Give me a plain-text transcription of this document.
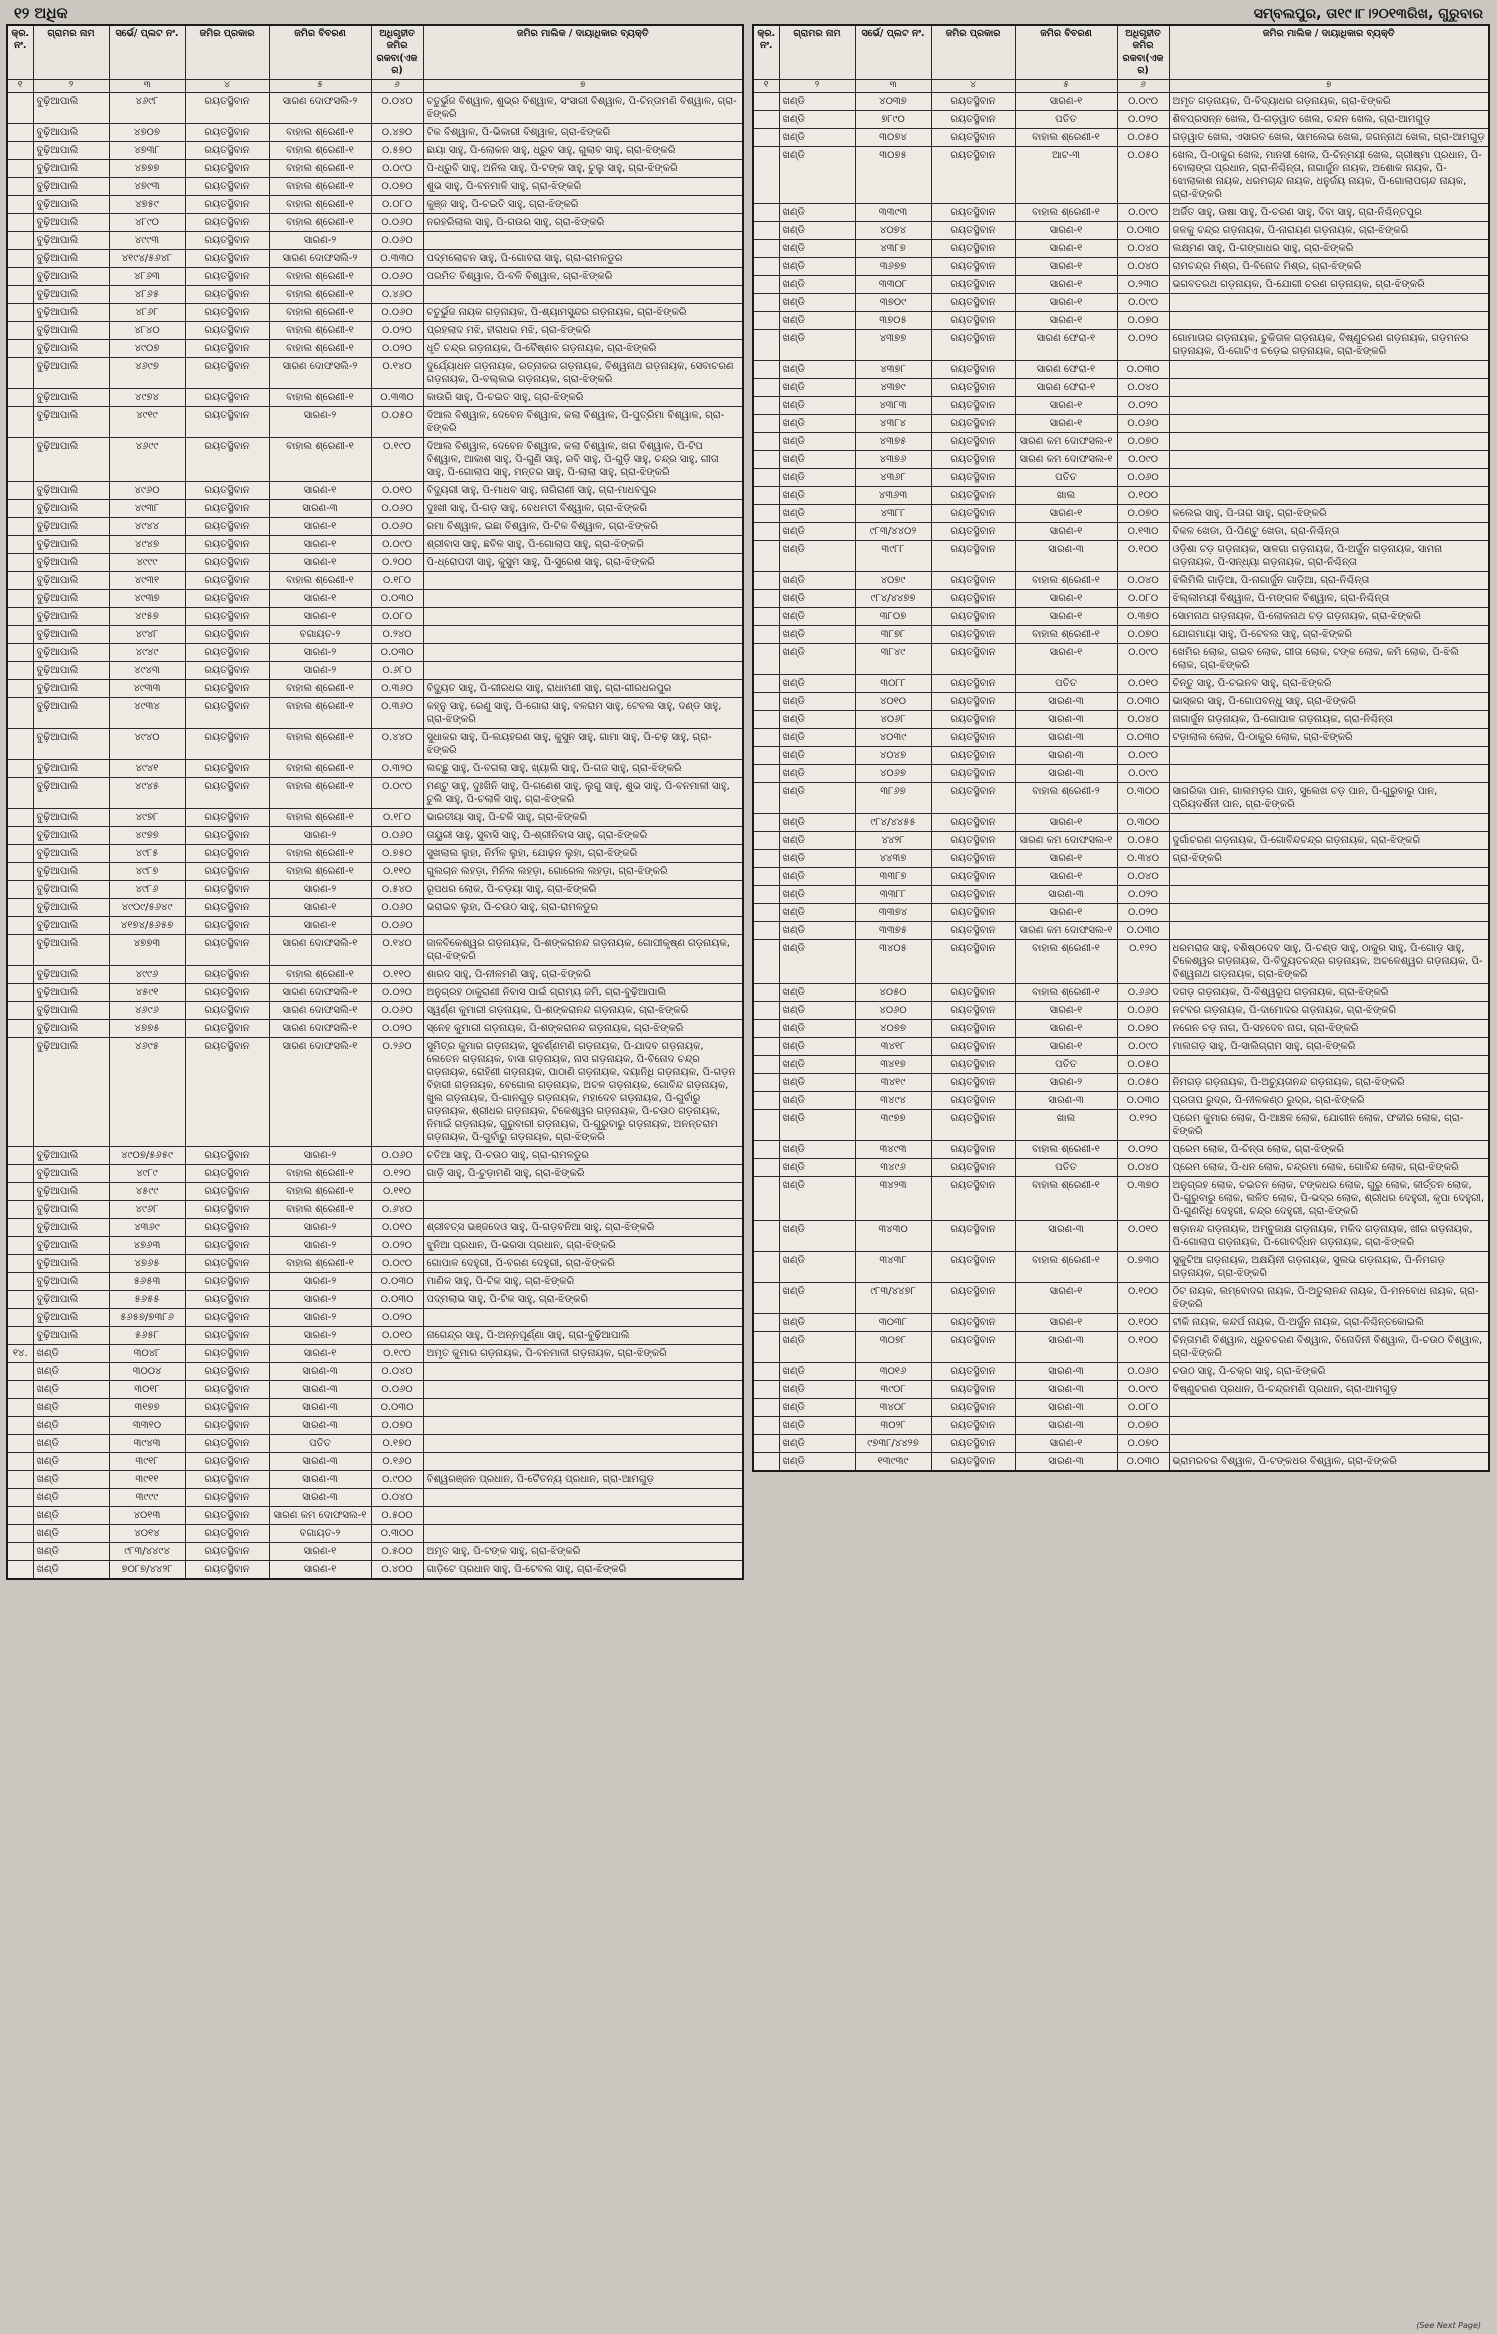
୧୨ ଅଧିକ	ସମ୍ବଲପୁର, ତା୧୯।୮।୨୦୧୩ରିଖ, ଗୁରୁବାର
କ୍ର. ନଂ.	ଗ୍ରାମର ନାମ	ସର୍ଭେ/ ପ୍ଲଟ ନଂ.	ଜମିର ପ୍ରକାର	ଜମିର ବିବରଣ	ଅଧିଗୃହୀତ ଜମିର ରକବା(ଏକର)	ଜମିର ମାଲିକ / ଦାୟାଧିକାର ବ୍ୟକ୍ତି
୧	୨	୩	୪	୫	୬	୭
	ବୁଢ଼ିଆପାଲି	୪୬୯୮	ରୟତସ୍ଥିବାନ	ସାରଣ ଦୋଫସଲି-୨	୦.୦୪୦	ଚତୁର୍ଭୁଜ ବିଶ୍ୱାଳ, ଶୁଭ୍ର ବିଶ୍ୱାଳ, ସଂସାରୀ ବିଶ୍ୱାଳ, ପି-ଚିନ୍ତାମଣି ବିଶ୍ୱାଳ, ଗ୍ରା-ଝିଙ୍କରି
	ବୁଢ଼ିଆପାଲି	୪୭୦୭	ରୟତସ୍ଥିବାନ	ବାହାଲ ଶ୍ରେଣୀ-୧	୦.୪୭୦	ଟିକ ବିଶ୍ୱାଳ, ପି-ଭିକାରୀ ବିଶ୍ୱାଳ, ଗ୍ରା-ଝିଙ୍କରି
	ବୁଢ଼ିଆପାଲି	୪୭୩୮	ରୟତସ୍ଥିବାନ	ବାହାଲ ଶ୍ରେଣୀ-୧	୦.୫୭୦	ଛାୟା ସାହୁ, ପି-ଲୋକନ ସାହୁ, ଧ୍ରୁବ ସାହୁ, ଗୁଲାବ ସାହୁ, ଗ୍ରା-ଝିଙ୍କରି
	ବୁଢ଼ିଆପାଲି	୪୭୭୭	ରୟତସ୍ଥିବାନ	ବାହାଲ ଶ୍ରେଣୀ-୧	୦.୦୯୦	ପି-ଧ୍ରୁବି ସାହୁ, ଅନିଲ ସାହୁ, ପି-ଟଙ୍କ ସାହୁ, ଚୁଲୁ ସାହୁ, ଗ୍ରା-ଝିଙ୍କରି
	ବୁଢ଼ିଆପାଲି	୪୭୯୩	ରୟତସ୍ଥିବାନ	ବାହାଲ ଶ୍ରେଣୀ-୧	୦.୦୭୦	ଶୁଭ ସାହୁ, ପି-ବନମାଳି ସାହୁ, ଗ୍ରା-ଝିଙ୍କରି
	ବୁଢ଼ିଆପାଲି	୪୭୫୯	ରୟତସ୍ଥିବାନ	ବାହାଲ ଶ୍ରେଣୀ-୧	୦.୦୮୦	କୁଞ୍ଜ ସାହୁ, ପି-ଚଇତି ସାହୁ, ଗ୍ରା-ଝିଙ୍କରି
	ବୁଢ଼ିଆପାଲି	୪୮୯୦	ରୟତସ୍ଥିବାନ	ବାହାଲ ଶ୍ରେଣୀ-୧	୦.୦୬୦	ନରହରିଲାଲ ସାହୁ, ପି-ଗଉର ସାହୁ, ଗ୍ରା-ଝିଙ୍କରି
	ବୁଢ଼ିଆପାଲି	୪୯୯୩	ରୟତସ୍ଥିବାନ	ସାରଣ-୨	୦.୦୬୦	
	ବୁଢ଼ିଆପାଲି	୪୧୯୪/୫୬୪୮	ରୟତସ୍ଥିବାନ	ସାରଣ ଦୋଫସଲି-୨	୦.୩୩୦	ପଦ୍ମଲୋଚନ ସାହୁ, ପି-ଗୋବରା ସାହୁ, ଗ୍ରା-ରାମଳଡୁର
	ବୁଢ଼ିଆପାଲି	୪୮୬୩	ରୟତସ୍ଥିବାନ	ବାହାଲ ଶ୍ରେଣୀ-୧	୦.୦୬୦	ପରମିତ ବିଶ୍ୱାଳ, ପି-ବଳି ବିଶ୍ୱାଳ, ଗ୍ରା-ଝିଙ୍କରି
	ବୁଢ଼ିଆପାଲି	୪୮୬୫	ରୟତସ୍ଥିବାନ	ବାହାଲ ଶ୍ରେଣୀ-୧	୦.୪୬୦	
	ବୁଢ଼ିଆପାଲି	୪୮୬୮	ରୟତସ୍ଥିବାନ	ବାହାଲ ଶ୍ରେଣୀ-୧	୦.୦୬୦	ଚତୁର୍ଭୁଜ ନାୟକ ଗଡ଼ନାୟକ, ପି-ଶ୍ୟାମସୁନ୍ଦର ଗଡ଼ନାୟକ, ଗ୍ରା-ଝିଙ୍କରି
	ବୁଢ଼ିଆପାଲି	୪୮୪୦	ରୟତସ୍ଥିବାନ	ବାହାଲ ଶ୍ରେଣୀ-୧	୦.୦୨୦	ପ୍ରହଲାଦ ମଝି, ହୀରାଧର ମଝି, ଗ୍ରା-ଝିଙ୍କରି
	ବୁଢ଼ିଆପାଲି	୪୯୦୭	ରୟତସ୍ଥିବାନ	ବାହାଲ ଶ୍ରେଣୀ-୧	୦.୦୨୦	ଧୃତି ଚନ୍ଦ୍ର ଗଡ଼ନାୟକ, ପି-ବୈଷ୍ଣବ ଗଡ଼ନାୟକ, ଗ୍ରା-ଝିଙ୍କରି
	ବୁଢ଼ିଆପାଲି	୪୬୯୭	ରୟତସ୍ଥିବାନ	ସାରଣ ଦୋଫସଲି-୨	୦.୧୪୦	ଦୁର୍ଯ୍ୟୋଧନ ଗଡ଼ନାୟକ, ରତ୍ନାକର ଗଡ଼ନାୟକ, ବିଶ୍ୱନାଥ ଗଡ଼ନାୟକ, ସେବାଚରଣ ଗଡ଼ନାୟକ, ପି-ବଲ୍ଲଭ ଗଡ଼ନାୟକ, ଗ୍ରା-ଝିଙ୍କରି
	ବୁଢ଼ିଆପାଲି	୪୯୭୪	ରୟତସ୍ଥିବାନ	ବାହାଲ ଶ୍ରେଣୀ-୧	୦.୩୩୦	କାଉରି ସାହୁ, ପି-ଚଇତ ସାହୁ, ଗ୍ରା-ଝିଙ୍କରି
	ବୁଢ଼ିଆପାଲି	୪୯୧୯	ରୟତସ୍ଥିବାନ	ସାରଣ-୨	୦.୦୫୦	ଦିଆଲ ବିଶ୍ୱାଳ, ଦେବେନ ବିଶ୍ୱାଳ, କଲା ବିଶ୍ୱାଳ, ପି-ପୁତ୍ରିମା ବିଶ୍ୱାଳ, ଗ୍ରା-ଝିଙ୍କରି
	ବୁଢ଼ିଆପାଲି	୪୬୯୯	ରୟତସ୍ଥିବାନ	ବାହାଲ ଶ୍ରେଣୀ-୧	୦.୧୯୦	ଦିଆଲ ବିଶ୍ୱାଳ, ଦେବେନ ବିଶ୍ୱାଳ, କଲା ବିଶ୍ୱାଳ, ଖଗ ବିଶ୍ୱାଳ, ପି-ଟିପ ବିଶ୍ୱାଳ, ଆକାଶ ସାହୁ, ପି-ଗୁଣି ସାହୁ, ରବି ସାହୁ, ପି-ଗୁଡ଼ି ସାହୁ, ଚନ୍ଦ୍ର ସାହୁ, ଗୀତା ସାହୁ, ପି-ଗୋଲାପ ସାହୁ, ମନ୍ତର ସାହୁ, ପି-ଲାଲା ସାହୁ, ଗ୍ରା-ଝିଙ୍କରି
	ବୁଢ଼ିଆପାଲି	୪୯୬୦	ରୟତସ୍ଥିବାନ	ସାରଣ-୧	୦.୦୧୦	ବିଦ୍ୟୁରୀ ସାହୁ, ପି-ମାଧବ ସାହୁ, ନାଗିରାଣୀ ସାହୁ, ଗ୍ରା-ମାଧବପୁର
	ବୁଢ଼ିଆପାଲି	୪୯୩୮	ରୟତସ୍ଥିବାନ	ସାରଣ-୩	୦.୦୬୦	ଦୁଃଖୀ ସାହୁ, ପି-ଗଡ଼ ସାହୁ, ବେଧମତୀ ବିଶ୍ୱାଳ, ଗ୍ରା-ଝିଙ୍କରି
	ବୁଢ଼ିଆପାଲି	୪୯୪୪	ରୟତସ୍ଥିବାନ	ସାରଣ-୧	୦.୦୬୦	ରମା ବିଶ୍ୱାଳ, ଇଛା ବିଶ୍ୱାଳ, ପି-ଟିକ ବିଶ୍ୱାଳ, ଗ୍ରା-ଝିଙ୍କରି
	ବୁଢ଼ିଆପାଲି	୪୯୪୭	ରୟତସ୍ଥିବାନ	ସାରଣ-୧	୦.୦୯୦	ଶ୍ରୀବାସ ସାହୁ, ଛବିଳ ସାହୁ, ପି-ଗୋଲାପ ସାହୁ, ଗ୍ରା-ଝିଙ୍କରି
	ବୁଢ଼ିଆପାଲି	୪୯୯୯	ରୟତସ୍ଥିବାନ	ସାରଣ-୧	୦.୨୦୦	ପି-ଧ୍ରୋପଦୀ ସାହୁ, କୁସୁମ ସାହୁ, ପି-ସୁରେଶ ସାହୁ, ଗ୍ରା-ଝିଙ୍କରି
	ବୁଢ଼ିଆପାଲି	୪୯୩୧	ରୟତସ୍ଥିବାନ	ବାହାଲ ଶ୍ରେଣୀ-୧	୦.୧୮୦	
	ବୁଢ଼ିଆପାଲି	୪୯୩୭	ରୟତସ୍ଥିବାନ	ସାରଣ-୧	୦.୦୩୦	
	ବୁଢ଼ିଆପାଲି	୪୯୫୭	ରୟତସ୍ଥିବାନ	ସାରଣ-୧	୦.୦୮୦	
	ବୁଢ଼ିଆପାଲି	୪୯୪୮	ରୟତସ୍ଥିବାନ	ବଗାୟତ-୨	୦.୨୪୦	
	ବୁଢ଼ିଆପାଲି	୪୯୪୯	ରୟତସ୍ଥିବାନ	ସାରଣ-୨	୦.୦୩୦	
	ବୁଢ଼ିଆପାଲି	୪୯୪୩	ରୟତସ୍ଥିବାନ	ସାରଣ-୨	୦.୬୮୦	
	ବୁଢ଼ିଆପାଲି	୪୯୩୩	ରୟତସ୍ଥିବାନ	ବାହାଲ ଶ୍ରେଣୀ-୧	୦.୩୬୦	ବିଦ୍ୟୁତ ସାହୁ, ପି-ଗୀରଧର ସାହୁ, ରାଧାମଣୀ ସାହୁ, ଗ୍ରା-ଗୀରଧରପୁର
	ବୁଢ଼ିଆପାଲି	୪୯୩୪	ରୟତସ୍ଥିବାନ	ବାହାଲ ଶ୍ରେଣୀ-୧	୦.୩୬୦	କହ୍ନୁ ସାହୁ, ରେଣୁ ସାହୁ, ପି-ଗୋରା ସାହୁ, ବଳରାମ ସାହୁ, ଟେବଲ ସାହୁ, ଦଣ୍ଡ ସାହୁ, ଗ୍ରା-ଝିଙ୍କରି
	ବୁଢ଼ିଆପାଲି	୪୯୪୦	ରୟତସ୍ଥିବାନ	ବାହାଲ ଶ୍ରେଣୀ-୧	୦.୪୪୦	ସୁଧାକର ସାହୁ, ପି-ଲୟହରଣ ସାହୁ, କୁସୁନ ସାହୁ, ଗାମା ସାହୁ, ପି-ଚଢ଼ ସାହୁ, ଗ୍ରା-ଝିଙ୍କରି
	ବୁଢ଼ିଆପାଲି	୪୯୪୧	ରୟତସ୍ଥିବାନ	ବାହାଲ ଶ୍ରେଣୀ-୧	୦.୩୨୦	ଲଚ୍ଛୁ ସାହୁ, ପି-ବଗଲା ସାହୁ, ଖ୍ୟାଲି ସାହୁ, ପି-ଗଜ ସାହୁ, ଗ୍ରା-ଝିଙ୍କରି
	ବୁଢ଼ିଆପାଲି	୪୯୪୫	ରୟତସ୍ଥିବାନ	ବାହାଲ ଶ୍ରେଣୀ-୧	୦.୦୯୦	ମଣ୍ଟୁ ସାହୁ, ଦୁଃଖିନି ସାହୁ, ପି-ଗଣେଶ ସାହୁ, ଲୁଗୁ ସାହୁ, ଶୁଭ ସାହୁ, ପି-ବନମାଳୀ ସାହୁ, ଚୁଲି ସାହୁ, ପି-ଚଲାଳି ସାହୁ, ଗ୍ରା-ଝିଙ୍କରି
	ବୁଢ଼ିଆପାଲି	୪୯୭୮	ରୟତସ୍ଥିବାନ	ବାହାଲ ଶ୍ରେଣୀ-୧	୦.୧୮୦	ଭାରତୀୟା ସାହୁ, ପି-ଚଳି ସାହୁ, ଗ୍ରା-ଝିଙ୍କରି
	ବୁଢ଼ିଆପାଲି	୪୯୭୭	ରୟତସ୍ଥିବାନ	ସାରଣ-୨	୦.୦୬୦	ତାୟୁରୀ ସାହୁ, ସୁବାସି ସାହୁ, ପି-ଶ୍ରୀନିବାସ ସାହୁ, ଗ୍ରା-ଝିଙ୍କରି
	ବୁଢ଼ିଆପାଲି	୪୯୮୫	ରୟତସ୍ଥିବାନ	ବାହାଲ ଶ୍ରେଣୀ-୧	୦.୭୫୦	ସୁଖଲାଲ ଲୁହା, ନିର୍ମଳ ଲୁହା, ଯୋଢ଼ନ ଲୁହା, ଗ୍ରା-ଝିଙ୍କରି
	ବୁଢ଼ିଆପାଲି	୪୯୮୭	ରୟତସ୍ଥିବାନ	ବାହାଲ ଶ୍ରେଣୀ-୧	୦.୧୧୦	ଗୁଲଚାନ ଲହଡ଼ା, ମିନିଲ ଲହଡ଼ା, ଗୋରେଲ ଲହଡ଼ା, ଗ୍ରା-ଝିଙ୍କରି
	ବୁଢ଼ିଆପାଲି	୪୯୮୬	ରୟତସ୍ଥିବାନ	ସାରଣ-୨	୦.୫୪୦	ରୂପଧର ଲୋକ, ପି-ଚଡ଼ୟା ସାହୁ, ଗ୍ରା-ଝିଙ୍କରି
	ବୁଢ଼ିଆପାଲି	୪୯୦୯/୫୬୪୯	ରୟତସ୍ଥିବାନ	ସାରଣ-୧	୦.୦୬୦	ଭରାଇବ ଲୁହା, ପି-ଚଉଠ ସାହୁ, ଗ୍ରା-ରାମଳଡୁର
	ବୁଢ଼ିଆପାଲି	୪୧୭୪/୫୬୫୭	ରୟତସ୍ଥିବାନ	ସାରଣ-୧	୦.୦୬୦	
	ବୁଢ଼ିଆପାଲି	୪୭୭୩	ରୟତସ୍ଥିବାନ	ସାରଣ ଦୋଫସଲି-୧	୦.୧୪୦	ଜାଳବିକେଶ୍ୱର ଗଡ଼ନାୟକ, ପି-ଶଙ୍କରାନନ୍ଦ ଗଡ଼ନାୟକ, ଗୋପୀକୃଷ୍ଣ ଗଡ଼ନାୟକ, ଗ୍ରା-ଝିଙ୍କରି
	ବୁଢ଼ିଆପାଲି	୪୯୯୬	ରୟତସ୍ଥିବାନ	ବାହାଲ ଶ୍ରେଣୀ-୧	୦.୧୧୦	ଶାରଦ ସାହୁ, ପି-ନୀଳମଣି ସାହୁ, ଗ୍ରା-ଝିଙ୍କରି
	ବୁଢ଼ିଆପାଲି	୪୫୯୧	ରୟତସ୍ଥିବାନ	ସାରଣ ଦୋଫସଲି-୧	୦.୦୨୦	ଅନୁଗ୍ରହ ଠାକୁରାଣୀ ନିବାସ ପାଇଁ ଗ୍ରାମ୍ୟ ଜମି, ଗ୍ରା-ବୁଢ଼ିଆପାଲି
	ବୁଢ଼ିଆପାଲି	୪୬୯୬	ରୟତସ୍ଥିବାନ	ସାରଣ ଦୋଫସଲି-୧	୦.୦୬୦	ସ୍ୱର୍ଣ୍ଣ କୁମାରୀ ଗଡ଼ନାୟକ, ପି-ଶଙ୍କରାନନ୍ଦ ଗଡ଼ନାୟକ, ଗ୍ରା-ଝିଙ୍କରି
	ବୁଢ଼ିଆପାଲି	୪୭୭୫	ରୟତସ୍ଥିବାନ	ସାରଣ ଦୋଫସଲି-୧	୦.୦୨୦	ସ୍ନେହ କୁମାରୀ ଗଡ଼ନାୟକ, ପି-ଶଙ୍କରାନନ୍ଦ ଗଡ଼ନାୟକ, ଗ୍ରା-ଝିଙ୍କରି
	ବୁଢ଼ିଆପାଲି	୪୬୯୫	ରୟତସ୍ଥିବାନ	ସାରଣ ଦୋଫସଲି-୧	୦.୨୬୦	ସୁମିତ୍ର କୁମାର ଗଡ଼ନାୟକ, ସୁବର୍ଣ୍ଣମଣି ଗଡ଼ନାୟକ, ପି-ଯାଦବ ଗଡ଼ନାୟକ, ଲେତେନ ଗଡ଼ନାୟକ, ବାସା ଗଡ଼ନାୟକ, ନାସ ଗଡ଼ନାୟକ, ପି-ବିନୋଦ ଚନ୍ଦ୍ର ଗଡ଼ନାୟକ, ରୋହିଣୀ ଗଡ଼ନାୟକ, ପାଠାଣି ଗଡ଼ନାୟକ, ଦୟାନିଧି ଗଡ଼ନାୟକ, ପି-ଗଡ଼ନ ବିହାରୀ ଗଡ଼ନାୟକ, ବେଗୋଲ ଗଡ଼ନାୟକ, ଅଚଳ ଗଡ଼ନାୟକ, ଗୋବିନ୍ଦ ଗଡ଼ନାୟକ, ଖୁଲ ଗଡ଼ନାୟକ, ପି-ଗାନଗୁଡ଼ ଗଡ଼ନାୟକ, ମହାଦେବ ଗଡ଼ନାୟକ, ପି-ଗୁର୍ବାରୁ ଗଡ଼ନାୟକ, ଶ୍ରୀଧର ଗଡ଼ନାୟକ, ଟିକେଶ୍ୱର ଗଡ଼ନାୟକ, ପି-ଚଉଠ ଗଡ଼ନାୟକ, ନିମାଇଁ ଗଡ଼ନାୟକ, ଗୁରୁବାରୀ ଗଡ଼ନାୟକ, ପି-ଗୁରୁବାରୁ ଗଡ଼ନାୟକ, ଅନନ୍ତରାମ ଗଡ଼ନାୟକ, ପି-ଗୁର୍ବାରୁ ଗଡ଼ନାୟକ, ଗ୍ରା-ଝିଙ୍କରି
	ବୁଢ଼ିଆପାଲି	୪୯୦୭/୫୬୫୯	ରୟତସ୍ଥିବାନ	ସାରଣ-୨	୦.୦୬୦	ଚତିଆ ସାହୁ, ପି-ଚଉଠ ସାହୁ, ଗ୍ରା-ରାମଳଡୁର
	ବୁଢ଼ିଆପାଲି	୪୯୮୯	ରୟତସ୍ଥିବାନ	ବାହାଲ ଶ୍ରେଣୀ-୧	୦.୧୨୦	ଗାଡ଼ି ସାହୁ, ପି-ଚୁଡ଼ାମଣି ସାହୁ, ଗ୍ରା-ଝିଙ୍କରି
	ବୁଢ଼ିଆପାଲି	୪୫୯୯	ରୟତସ୍ଥିବାନ	ବାହାଲ ଶ୍ରେଣୀ-୧	୦.୧୧୦	
	ବୁଢ଼ିଆପାଲି	୪୯୬୮	ରୟତସ୍ଥିବାନ	ବାହାଲ ଶ୍ରେଣୀ-୧	୦.୬୪୦	
	ବୁଢ଼ିଆପାଲି	୪୩୬୯	ରୟତସ୍ଥିବାନ	ସାରଣ-୨	୦.୦୧୦	ଶ୍ରୀବତ୍ସ ଭଞ୍ଜଦେଓ ସାହୁ, ପି-ଗଡ଼ବନିଆ ସାହୁ, ଗ୍ରା-ଝିଙ୍କରି
	ବୁଢ଼ିଆପାଲି	୪୭୬୩	ରୟତସ୍ଥିବାନ	ସାରଣ-୨	୦.୦୨୦	ଝୁନିଆ ପ୍ରଧାନ, ପି-ଭରସା ପ୍ରଧାନ, ଗ୍ରା-ଝିଙ୍କରି
	ବୁଢ଼ିଆପାଲି	୪୭୬୫	ରୟତସ୍ଥିବାନ	ବାହାଲ ଶ୍ରେଣୀ-୧	୦.୦୯୦	ଗୋପାଳ ଦେହୁରୀ, ପି-ବରଣ ଦେହୁରୀ, ଗ୍ରା-ଝିଙ୍କରି
	ବୁଢ଼ିଆପାଲି	୫୬୫୩	ରୟତସ୍ଥିବାନ	ସାରଣ-୨	୦.୦୩୦	ମାଣିକ ସାହୁ, ପି-ଟିକ ସାହୁ, ଗ୍ରା-ଝିଙ୍କରି
	ବୁଢ଼ିଆପାଲି	୫୬୫୫	ରୟତସ୍ଥିବାନ	ସାରଣ-୨	୦.୦୩୦	ପଦ୍ମଲାଭ ସାହୁ, ପି-ଟିକ ସାହୁ, ଗ୍ରା-ଝିଙ୍କରି
	ବୁଢ଼ିଆପାଲି	୫୬୫୭/୭୩୮୬	ରୟତସ୍ଥିବାନ	ସାରଣ-୨	୦.୦୨୦	
	ବୁଢ଼ିଆପାଲି	୫୬୫୮	ରୟତସ୍ଥିବାନ	ସାରଣ-୨	୦.୦୧୦	ନାଗେନ୍ଦ୍ର ସାହୁ, ପି-ଅନ୍ନପୂର୍ଣ୍ଣା ସାହୁ, ଗ୍ରା-ବୁଢ଼ିଆପାଲି
୧୪.	ଖଣ୍ଡି	୩୦୪୮	ରୟତସ୍ଥିବାନ	ସାରଣ-୧	୦.୧୯୦	ଅମୃତ କୁମାର ଗଡ଼ନାୟକ, ପି-ବନମାଳୀ ଗଡ଼ନାୟକ, ଗ୍ରା-ଝିଙ୍କରି
	ଖଣ୍ଡି	୩୦୦୪	ରୟତସ୍ଥିବାନ	ସାରଣ-୩	୦.୦୪୦	
	ଖଣ୍ଡି	୩୦୧୮	ରୟତସ୍ଥିବାନ	ସାରଣ-୩	୦.୦୬୦	
	ଖଣ୍ଡି	୩୧୭୭	ରୟତସ୍ଥିବାନ	ସାରଣ-୩	୦.୦୩୦	
	ଖଣ୍ଡି	୩୩୧୦	ରୟତସ୍ଥିବାନ	ସାରଣ-୩	୦.୦୭୦	
	ଖଣ୍ଡି	୩୯୪୩	ରୟତସ୍ଥିବାନ	ପତିତ	୦.୧୭୦	
	ଖଣ୍ଡି	୩୯୧୮	ରୟତସ୍ଥିବାନ	ସାରଣ-୩	୦.୧୬୦	
	ଖଣ୍ଡି	୩୯୧୧	ରୟତସ୍ଥିବାନ	ସାରଣ-୩	୦.୯୦୦	ବିଶ୍ୱରଞ୍ଜନ ପ୍ରଧାନ, ପି-ଚୈତନ୍ୟ ପ୍ରଧାନ, ଗ୍ରା-ଆମଗୁଡ଼
	ଖଣ୍ଡି	୩୯୯୯	ରୟତସ୍ଥିବାନ	ସାରଣ-୩	୦.୦୪୦	
	ଖଣ୍ଡି	୪୦୧୩	ରୟତସ୍ଥିବାନ	ସାରଣ କମ ଦୋଫସଲ-୧	୦.୫୦୦	
	ଖଣ୍ଡି	୪୦୧୪	ରୟତସ୍ଥିବାନ	ବଗାୟତ-୨	୦.୩୦୦	
	ଖଣ୍ଡି	୯୮୩/୪୪୯୪	ରୟତସ୍ଥିବାନ	ସାରଣ-୧	୦.୫୦୦	ଅମୃତ ସାହୁ, ପି-ଟଙ୍କ ସାହୁ, ଗ୍ରା-ଝିଙ୍କରି
	ଖଣ୍ଡି	୭୦୮୭/୪୪୨୮	ରୟତସ୍ଥିବାନ	ସାରଣ-୧	୦.୪୦୦	ଗାଡ଼ିଟେ ପ୍ରଧାନ ସାହୁ, ପି-ଟେବଲ ସାହୁ, ଗ୍ରା-ଝିଙ୍କରି
କ୍ର. ନଂ.	ଗ୍ରାମର ନାମ	ସର୍ଭେ/ ପ୍ଲଟ ନଂ.	ଜମିର ପ୍ରକାର	ଜମିର ବିବରଣ	ଅଧିଗୃହୀତ ଜମିର ରକବା(ଏକର)	ଜମିର ମାଲିକ / ଦାୟାଧିକାର ବ୍ୟକ୍ତି
୧	୨	୩	୪	୫	୬	୭
	ଖଣ୍ଡି	୪୦୩୭	ରୟତସ୍ଥିବାନ	ସାରଣ-୧	୦.୦୯୦	ଅମୃତ ଗଡ଼ନାୟକ, ପି-ବିଦ୍ୟାଧର ଗଡ଼ନାୟକ, ଗ୍ରା-ଝିଙ୍କରି
	ଖଣ୍ଡି	୭୮୯୦	ରୟତସ୍ଥିବାନ	ପତିତ	୦.୦୨୦	ଶିବପ୍ରସନ୍ନ ଖେଲ, ପି-ଗଡ଼ୱାତ ଖେଲ, ଚନ୍ଦନ ଖେଲ, ଗ୍ରା-ଆମଗୁଡ଼
	ଖଣ୍ଡି	୩୦୭୪	ରୟତସ୍ଥିବାନ	ବାହାଲ ଶ୍ରେଣୀ-୧	୦.୦୫୦	ଗଡ଼ୱାତ ଖେଲ, ଏସାରତ ଖେଲ, ସାମଲେଇ ଖେଲ, ଜଗନ୍ନାଥ ଖେଲ, ଗ୍ରା-ଆମଗୁଡ଼
	ଖଣ୍ଡି	୩୦୭୫	ରୟତସ୍ଥିବାନ	ଆଟ-୩	୦.୦୫୦	ଖେଲ, ପି-ଠାକୁର ଖେଲ, ମାନସୀ ଖେଲ, ପି-ଚିନ୍ମୟୀ ଖେଲ, ଗ୍ରୀଷ୍ମା ପ୍ରଧାନ, ପି-ବୋଲାଙ୍ଗ ପ୍ରଧାନ, ଗ୍ରା-ନିଶ୍ଚିନ୍ତା, ନାଗାର୍ଜୁନ ନାୟକ, ଅଶୋକ ନାୟକ, ପି-ଝୋଲାକାଶ ନାୟକ, ଧରମଚାନ୍ଦ ନାୟକ, ଧନୁର୍ଜୟ ନାୟକ, ପି-ଗୋଲାପଚାନ୍ଦ ନାୟକ, ଗ୍ରା-ଝିଙ୍କରି
	ଖଣ୍ଡି	୩୩୯୩	ରୟତସ୍ଥିବାନ	ବାହାଲ ଶ୍ରେଣୀ-୧	୦.୦୯୦	ଅର୍ଜିତ ସାହୁ, ଉଷା ସାହୁ, ପି-ଚରଣ ସାହୁ, ଦିବା ସାହୁ, ଗ୍ରା-ନିଶ୍ଚିନ୍ତପୁର
	ଖଣ୍ଡି	୪୦୭୪	ରୟତସ୍ଥିବାନ	ସାରଣ-୧	୦.୦୩୦	ଜଳକୁ ଚନ୍ଦ୍ର ଗଡ଼ନାୟକ, ପି-ନାରାୟଣ ଗଡ଼ନାୟକ, ଗ୍ରା-ଝିଙ୍କରି
	ଖଣ୍ଡି	୪୩୮୭	ରୟତସ୍ଥିବାନ	ସାରଣ-୧	୦.୦୪୦	ଲକ୍ଷ୍ମଣ ସାହୁ, ପି-ଗଙ୍ଗାଧର ସାହୁ, ଗ୍ରା-ଝିଙ୍କରି
	ଖଣ୍ଡି	୩୬୭୭	ରୟତସ୍ଥିବାନ	ସାରଣ-୧	୦.୦୪୦	ରାମଚନ୍ଦ୍ର ମିଶ୍ର, ପି-ବିନୋଦ ମିଶ୍ର, ଗ୍ରା-ଝିଙ୍କରି
	ଖଣ୍ଡି	୩୩୦୮	ରୟତସ୍ଥିବାନ	ସାରଣ-୧	୦.୨୩୦	ଭଗବତରଥ ଗଡ଼ନାୟକ, ପି-ଯୋଗୀ ଚରଣ ଗଡ଼ନାୟକ, ଗ୍ରା-ଝିଙ୍କରି
	ଖଣ୍ଡି	୩୭୦୯	ରୟତସ୍ଥିବାନ	ସାରଣ-୧	୦.୦୯୦	
	ଖଣ୍ଡି	୩୭୦୫	ରୟତସ୍ଥିବାନ	ସାରଣ-୧	୦.୦୭୦	
	ଖଣ୍ଡି	୪୩୭୭	ରୟତସ୍ଥିବାନ	ସାରଣ ଫେରା-୧	୦.୦୨୦	ଗୋମାତାର ଗଡ଼ନାୟକ, ଚୁକିତାଳ ଗଡ଼ନାୟକ, ବିଷ୍ଣୁଚରଣ ଗଡ଼ନାୟକ, ଗଡ଼ମନର ଗଡ଼ନାୟକ, ପି-ଗୋଟିଏ ଚଡ଼େଇ ଗଡ଼ନାୟକ, ଗ୍ରା-ଝିଙ୍କରି
	ଖଣ୍ଡି	୪୩୭୮	ରୟତସ୍ଥିବାନ	ସାରଣ ଫେରା-୧	୦.୦୩୦	
	ଖଣ୍ଡି	୪୩୭୯	ରୟତସ୍ଥିବାନ	ସାରଣ ଫେରା-୧	୦.୦୪୦	
	ଖଣ୍ଡି	୪୩୮୩	ରୟତସ୍ଥିବାନ	ସାରଣ-୧	୦.୦୨୦	
	ଖଣ୍ଡି	୪୩୮୪	ରୟତସ୍ଥିବାନ	ସାରଣ-୧	୦.୦୬୦	
	ଖଣ୍ଡି	୪୩୭୫	ରୟତସ୍ଥିବାନ	ସାରଣ କମ ଦୋଫସଲ-୧	୦.୦୭୦	
	ଖଣ୍ଡି	୪୩୭୬	ରୟତସ୍ଥିବାନ	ସାରଣ କମ ଦୋଫସଲ-୧	୦.୦୯୦	
	ଖଣ୍ଡି	୪୩୬୮	ରୟତସ୍ଥିବାନ	ପତିତ	୦.୦୬୦	
	ଖଣ୍ଡି	୪୩୬୩	ରୟତସ୍ଥିବାନ	ଖାଲ	୦.୧୦୦	
	ଖଣ୍ଡି	୪୩୮୮	ରୟତସ୍ଥିବାନ	ସାରଣ-୧	୦.୦୭୦	କଲେଇ ସାହୁ, ପି-ତାରା ସାହୁ, ଗ୍ରା-ଝିଙ୍କରି
	ଖଣ୍ଡି	୯୮୩/୪୪୦୨	ରୟତସ୍ଥିବାନ	ସାରଣ-୧	୦.୧୩୦	ବିକଳ ଖେଡା, ପି-ପିଣ୍ଟୁ ଖେଡା, ଗ୍ରା-ନିଶ୍ଚିନ୍ତା
	ଖଣ୍ଡି	୩୯୮୮	ରୟତସ୍ଥିବାନ	ସାରଣ-୩	୦.୧୦୦	ଓଡ଼ିଶା ଚଡ଼ ଗଡ଼ନାୟକ, ସାଳଗା ଗଡ଼ନାୟକ, ପି-ଅର୍ଜୁନ ଗଡ଼ନାୟକ, ସାମନା ଗଡ଼ନାୟକ, ପି-ସନ୍ଧ୍ୟା ଗଡ଼ନାୟକ, ଗ୍ରା-ନିଶ୍ଚିନ୍ତା
	ଖଣ୍ଡି	୪୦୭୯	ରୟତସ୍ଥିବାନ	ବାହାଲ ଶ୍ରେଣୀ-୧	୦.୦୪୦	ଝିଲିମିଲି ଗାଡ଼ିଆ, ପି-ନାଗାର୍ଜୁନ ଗାଡ଼ିଆ, ଗ୍ରା-ନିଶ୍ଚିନ୍ତା
	ଖଣ୍ଡି	୯୮୪/୪୪୭୭	ରୟତସ୍ଥିବାନ	ସାରଣ-୧	୦.୦୮୦	ଝିଲ୍ଲୀମୟୀ ବିଶ୍ୱାଳ, ପି-ମଙ୍ଗଳ ବିଶ୍ୱାଳ, ଗ୍ରା-ନିଶ୍ଚିନ୍ତା
	ଖଣ୍ଡି	୩୮୦୭	ରୟତସ୍ଥିବାନ	ସାରଣ-୧	୦.୩୭୦	ସୋମନାଥ ଗଡ଼ନାୟକ, ପି-ଲୋକନାଥ ଚଡ଼ ଗଡ଼ନାୟକ, ଗ୍ରା-ଝିଙ୍କରି
	ଖଣ୍ଡି	୩୮୭୮	ରୟତସ୍ଥିବାନ	ବାହାଲ ଶ୍ରେଣୀ-୧	୦.୦୭୦	ଯୋଗମାୟା ସାହୁ, ପି-ଟେବଲ ସାହୁ, ଗ୍ରା-ଝିଙ୍କରି
	ଖଣ୍ଡି	୩୮୪୯	ରୟତସ୍ଥିବାନ	ସାରଣ-୧	୦.୦୯୦	ଖେମିର ଲୋକ, ଗଇବ ଲୋକ, ଗୀତା ଲୋକ, ଟଙ୍କ ଲୋକ, କମି ଲୋକ, ପି-ଝିଲି ଲୋକ, ଗ୍ରା-ଝିଙ୍କରି
	ଖଣ୍ଡି	୩୦୮୮	ରୟତସ୍ଥିବାନ	ପତିତ	୦.୦୧୦	ଚିନ୍ତୁ ସାହୁ, ପି-ଚଇନବ ସାହୁ, ଗ୍ରା-ଝିଙ୍କରି
	ଖଣ୍ଡି	୪୦୧୦	ରୟତସ୍ଥିବାନ	ସାରଣ-୩	୦.୦୩୦	ଭାସ୍କର ସାହୁ, ପି-ଗୋପବନ୍ଧୁ ସାହୁ, ଗ୍ରା-ଝିଙ୍କରି
	ଖଣ୍ଡି	୪୦୬୮	ରୟତସ୍ଥିବାନ	ସାରଣ-୩	୦.୦୪୦	ନାଗାର୍ଜୁନ ଗଡ଼ନାୟକ, ପି-ଗୋପାଳ ଗଡ଼ନାୟକ, ଗ୍ରା-ନିଶ୍ଚିନ୍ତା
	ଖଣ୍ଡି	୪୦୩୯	ରୟତସ୍ଥିବାନ	ସାରଣ-୩	୦.୦୩୦	ଟଡ଼ାଲାଲ ଲୋକ, ପି-ଠାକୁର ଲୋକ, ଗ୍ରା-ଝିଙ୍କରି
	ଖଣ୍ଡି	୪୦୪୭	ରୟତସ୍ଥିବାନ	ସାରଣ-୩	୦.୦୯୦	
	ଖଣ୍ଡି	୪୦୬୭	ରୟତସ୍ଥିବାନ	ସାରଣ-୩	୦.୦୯୦	
	ଖଣ୍ଡି	୩୮୬୭	ରୟତସ୍ଥିବାନ	ବାହାଲ ଶ୍ରେଣୀ-୨	୦.୩୦୦	ସାଗରିକା ପାନ, ଗାଲମଡ଼ର ପାନ, ସୁଲେଖ ଚଡ଼ ପାନ, ପି-ଗୁରୁବାରୁ ପାନ, ପ୍ରିୟଦର୍ଶିନୀ ପାନ, ଗ୍ରା-ଝିଙ୍କରି
	ଖଣ୍ଡି	୯୮୪/୪୪୫୫	ରୟତସ୍ଥିବାନ	ସାରଣ-୧	୦.୩୦୦	
	ଖଣ୍ଡି	୪୪୨୮	ରୟତସ୍ଥିବାନ	ସାରଣ କମ ଦୋଫସଲ-୧	୦.୦୫୦	ଦୁର୍ଗାଚରଣ ଗଡ଼ନାୟକ, ପି-ଗୋବିନ୍ଦଚନ୍ଦ୍ର ଗଡ଼ନାୟକ, ଗ୍ରା-ଝିଙ୍କରି
	ଖଣ୍ଡି	୪୪୩୭	ରୟତସ୍ଥିବାନ	ସାରଣ-୧	୦.୩୪୦	ଗ୍ରା-ଝିଙ୍କରି
	ଖଣ୍ଡି	୩୩୮୭	ରୟତସ୍ଥିବାନ	ସାରଣ-୧	୦.୦୪୦	
	ଖଣ୍ଡି	୩୩୮୮	ରୟତସ୍ଥିବାନ	ସାରଣ-୩	୦.୦୨୦	
	ଖଣ୍ଡି	୩୩୭୪	ରୟତସ୍ଥିବାନ	ସାରଣ-୧	୦.୦୨୦	
	ଖଣ୍ଡି	୩୩୭୫	ରୟତସ୍ଥିବାନ	ସାରଣ କମ ଦୋଫସଲ-୧	୦.୦୩୦	
	ଖଣ୍ଡି	୩୪୦୫	ରୟତସ୍ଥିବାନ	ବାହାଲ ଶ୍ରେଣୀ-୧	୦.୧୨୦	ଧରମରାଜ ସାହୁ, ବଶିଷ୍ଠଦେବ ସାହୁ, ପି-ଚଣ୍ଡ ସାହୁ, ଠାକୁର ସାହୁ, ପି-ଗୋଡ଼ ସାହୁ, ଟିକେଶ୍ୱର ଗଡ଼ନାୟକ, ପି-ବିଦ୍ୟୁତଚନ୍ଦ୍ର ଗଡ଼ନାୟକ, ଅଚଳେଶ୍ୱର ଗଡ଼ନାୟକ, ପି-ବିଶ୍ୱନାଥ ଗଡ଼ନାୟକ, ଗ୍ରା-ଝିଙ୍କରି
	ଖଣ୍ଡି	୪୦୫୦	ରୟତସ୍ଥିବାନ	ବାହାଲ ଶ୍ରେଣୀ-୧	୦.୬୬୦	ଦଗଡ଼ ଗଡ଼ନାୟକ, ପି-ବିଶ୍ୱରୂପ ଗଡ଼ନାୟକ, ଗ୍ରା-ଝିଙ୍କରି
	ଖଣ୍ଡି	୪୦୬୦	ରୟତସ୍ଥିବାନ	ସାରଣ-୧	୦.୦୬୦	ନଟବର ଗଡ଼ନାୟକ, ପି-ଦାମୋଦର ଗଡ଼ନାୟକ, ଗ୍ରା-ଝିଙ୍କରି
	ଖଣ୍ଡି	୪୦୭୭	ରୟତସ୍ଥିବାନ	ସାରଣ-୧	୦.୦୭୦	ନରେନ ଚଡ଼ ନାଗ, ପି-ସହଦେବ ନାଗ, ଗ୍ରା-ଝିଙ୍କରି
	ଖଣ୍ଡି	୩୪୧୮	ରୟତସ୍ଥିବାନ	ସାରଣ-୧	୦.୦୯୦	ମାଲଗଡ଼ ସାହୁ, ପି-ସାଲିଗ୍ରାମ ସାହୁ, ଗ୍ରା-ଝିଙ୍କରି
	ଖଣ୍ଡି	୩୪୧୭	ରୟତସ୍ଥିବାନ	ପତିତ	୦.୦୫୦	
	ଖଣ୍ଡି	୩୪୧୯	ରୟତସ୍ଥିବାନ	ସାରଣ-୨	୦.୦୫୦	ନିମଗଡ଼ ଗଡ଼ନାୟକ, ପି-ଅଚ୍ୟୁତାନନ୍ଦ ଗଡ଼ନାୟକ, ଗ୍ରା-ଝିଙ୍କରି
	ଖଣ୍ଡି	୩୪୯୪	ରୟତସ୍ଥିବାନ	ସାରଣ-୩	୦.୦୩୦	ପ୍ରତାପ ରୁଦ୍ର, ପି-ନୀଳକଣ୍ଠ ରୁଦ୍ର, ଗ୍ରା-ଝିଙ୍କରି
	ଖଣ୍ଡି	୩୯୭୭	ରୟତସ୍ଥିବାନ	ଖାଲ	୦.୧୨୦	ପ୍ରେମ କୁମାର ଲୋକ, ପି-ଆଞ୍ଚଳ ଲୋକ, ଯୋଗୀନ ଲୋକ, ଫକୀର ଲୋକ, ଗ୍ରା-ଝିଙ୍କରି
	ଖଣ୍ଡି	୩୪୯୩	ରୟତସ୍ଥିବାନ	ବାହାଲ ଶ୍ରେଣୀ-୧	୦.୦୨୦	ପ୍ରେମ ଲୋକ, ପି-ଚିନ୍ତା ଲୋକ, ଗ୍ରା-ଝିଙ୍କରି
	ଖଣ୍ଡି	୩୪୯୬	ରୟତସ୍ଥିବାନ	ପତିତ	୦.୦୪୦	ପ୍ରେମ ଲୋକ, ପି-ଧନ ଲୋକ, ଚନ୍ଦ୍ରମା ଲୋକ, ଗୋବିନ୍ଦ ଲୋକ, ଗ୍ରା-ଝିଙ୍କରି
	ଖଣ୍ଡି	୩୪୨୩	ରୟତସ୍ଥିବାନ	ବାହାଲ ଶ୍ରେଣୀ-୧	୦.୩୭୦	ଅନୁଗ୍ରହ ଲୋକ, ଚଇତନ ଲୋକ, ଟଙ୍କଧର ଲୋକ, ଗୁରୁ ଲୋକ, କୀର୍ତ୍ତନ ଲୋକ, ପି-ଗୁରୁବାରୁ ଲୋକ, ଲଳିତ ଲୋକ, ପି-ଭଦ୍ର ଲୋକ, ଶ୍ରୀଧର ଦେହୁରୀ, କୃପା ଦେହୁରୀ, ପି-ଗୁଣନିଧି ଦେହୁରୀ, ଚନ୍ଦ୍ର ଦେହୁରୀ, ଗ୍ରା-ଝିଙ୍କରି
	ଖଣ୍ଡି	୩୪୩୦	ରୟତସ୍ଥିବାନ	ସାରଣ-୩	୦.୦୧୦	ଷଡ଼ାନନ୍ଦ ଗଡ଼ନାୟକ, ଅମ୍ବୁଜାକ୍ଷ ଗଡ଼ନାୟକ, ମକିଦ ଗଡ଼ନାୟକ, ଖୀର ଗଡ଼ନାୟକ, ପି-ଗୋଲାପ ଗଡ଼ନାୟକ, ପି-ଗୋବର୍ଦ୍ଧନ ଗଡ଼ନାୟକ, ଗ୍ରା-ଝିଙ୍କରି
	ଖଣ୍ଡି	୩୪୩୮	ରୟତସ୍ଥିବାନ	ବାହାଲ ଶ୍ରେଣୀ-୧	୦.୭୩୦	ସୁକୁଟିଆ ଗଡ଼ନାୟକ, ଅକ୍ଷୟିନୀ ଗଡ଼ନାୟକ, ସୁଲଭ ଗଡ଼ନାୟକ, ପି-ନିମଗଡ଼ ଗଡ଼ନାୟକ, ଗ୍ରା-ଝିଙ୍କରି
	ଖଣ୍ଡି	୯୮୩/୪୪୭୮	ରୟତସ୍ଥିବାନ	ସାରଣ-୧	୦.୧୦୦	ଠିଟ ନାୟକ, ଲମ୍ବୋଦର ନାୟକ, ପି-ଅତୁଲାନନ୍ଦ ନାୟକ, ପି-ମନବୋଧ ନାୟକ, ଗ୍ରା-ଝିଙ୍କରି
	ଖଣ୍ଡି	୩୦୩୮	ରୟତସ୍ଥିବାନ	ସାରଣ-୧	୦.୧୦୦	ଟୀକି ନାୟକ, କନ୍ଦର୍ପ ନାୟକ, ପି-ଅର୍ଜୁନ ନାୟକ, ଗ୍ରା-ନିଶ୍ଚିନ୍ତକୋଇଲି
	ଖଣ୍ଡି	୩୦୭୮	ରୟତସ୍ଥିବାନ	ସାରଣ-୩	୦.୧୦୦	ଚିନ୍ତାମଣି ବିଶ୍ୱାଳ, ଧ୍ରୁବଚରଣ ବିଶ୍ୱାଳ, ବିନୋଦିନୀ ବିଶ୍ୱାଳ, ପି-ଚଉଠ ବିଶ୍ୱାଳ, ଗ୍ରା-ଝିଙ୍କରି
	ଖଣ୍ଡି	୩୦୧୬	ରୟତସ୍ଥିବାନ	ସାରଣ-୩	୦.୦୬୦	ଚଉଠ ସାହୁ, ପି-ଚକ୍ର ସାହୁ, ଗ୍ରା-ଝିଙ୍କରି
	ଖଣ୍ଡି	୩୯୦୮	ରୟତସ୍ଥିବାନ	ସାରଣ-୩	୦.୦୯୦	ବିଷ୍ଣୁଚରଣ ପ୍ରଧାନ, ପି-ଚନ୍ଦ୍ରମଣି ପ୍ରଧାନ, ଗ୍ରା-ଆମଗୁଡ଼
	ଖଣ୍ଡି	୩୪୦୮	ରୟତସ୍ଥିବାନ	ସାରଣ-୩	୦.୦୮୦	
	ଖଣ୍ଡି	୩୦୨୮	ରୟତସ୍ଥିବାନ	ସାରଣ-୩	୦.୦୭୦	
	ଖଣ୍ଡି	୯୭୩୮/୪୪୨୭	ରୟତସ୍ଥିବାନ	ସାରଣ-୧	୦.୦୭୦	
	ଖଣ୍ଡି	୧୩୯୩୯	ରୟତସ୍ଥିବାନ	ସାରଣ-୩	୦.୦୩୦	ଭ୍ରାମରବର ବିଶ୍ୱାଳ, ପି-ଟଙ୍କଧର ବିଶ୍ୱାଳ, ଗ୍ରା-ଝିଙ୍କରି
(See Next Page)
